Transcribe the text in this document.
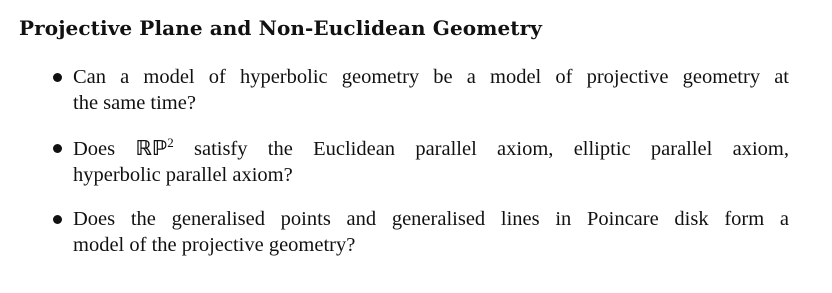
Projective Plane and Non-Euclidean Geometry
Can a model of hyperbolic geometry be a model of projective geometry at
the same time?
Does ℝℙ$^2$ satisfy the Euclidean parallel axiom, elliptic parallel axiom,
hyperbolic parallel axiom?
Does the generalised points and generalised lines in Poincare disk form a
model of the projective geometry?
